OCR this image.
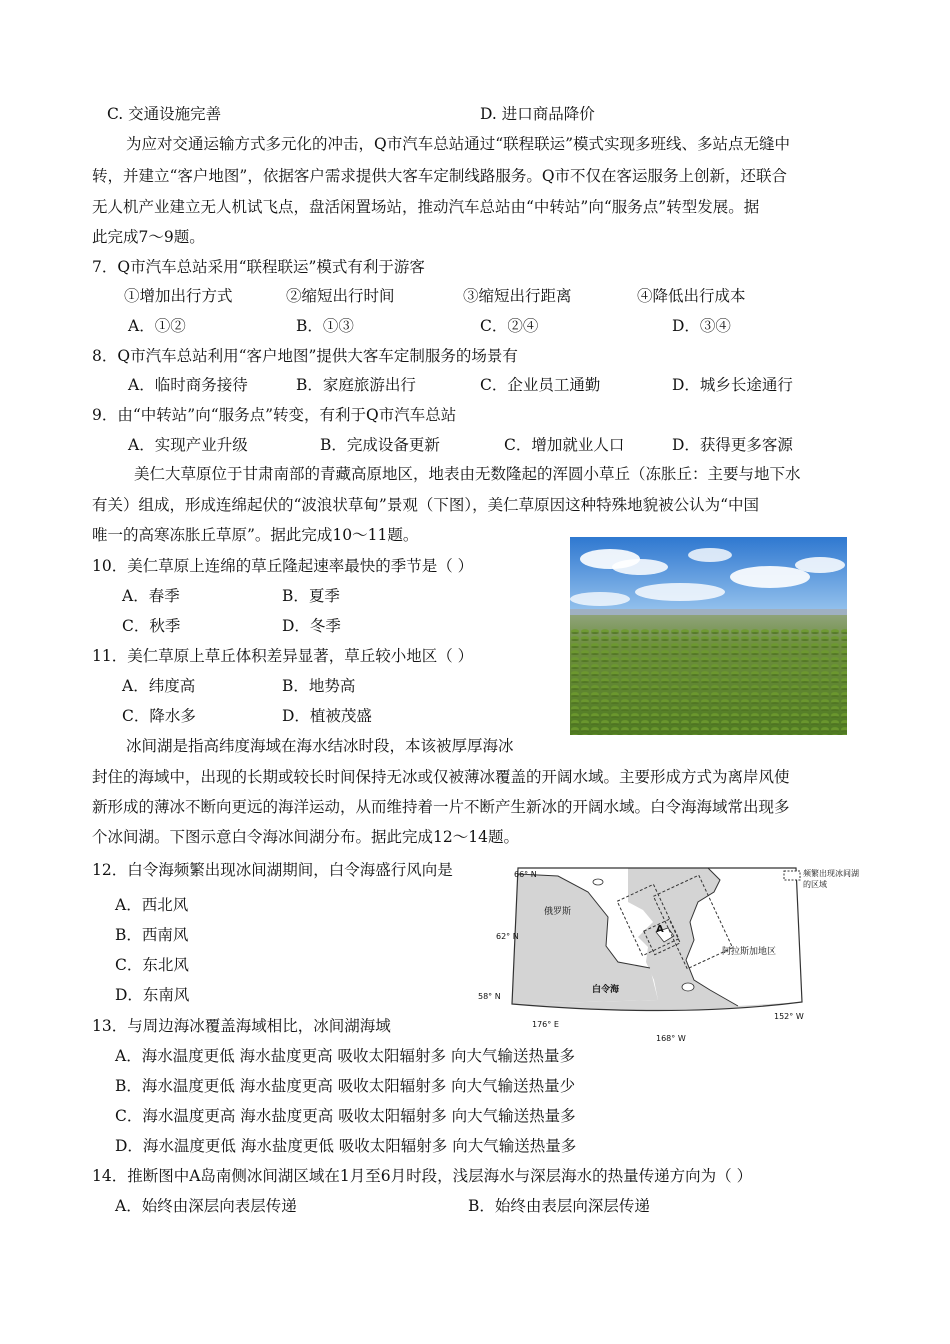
C. 交通设施完善	D. 进口商品降价
为应对交通运输方式多元化的冲击，Q市汽车总站通过“联程联运”模式实现多班线、多站点无缝中
转，并建立“客户地图”，依据客户需求提供大客车定制线路服务。Q市不仅在客运服务上创新，还联合
无人机产业建立无人机试飞点，盘活闲置场站，推动汽车总站由“中转站”向“服务点”转型发展。据
此完成7～9题。
7．Q市汽车总站采用“联程联运”模式有利于游客
①增加出行方式	②缩短出行时间	③缩短出行距离	④降低出行成本
A．①②	B．①③	C．②④	D．③④
8．Q市汽车总站利用“客户地图”提供大客车定制服务的场景有
A．临时商务接待	B．家庭旅游出行	C．企业员工通勤	D．城乡长途通行
9．由“中转站”向“服务点”转变，有利于Q市汽车总站
A．实现产业升级	B．完成设备更新	C．增加就业人口	D．获得更多客源
美仁大草原位于甘肃南部的青藏高原地区，地表由无数隆起的浑圆小草丘（冻胀丘：主要与地下水
有关）组成，形成连绵起伏的“波浪状草甸”景观（下图），美仁草原因这种特殊地貌被公认为“中国
唯一的高寒冻胀丘草原”。据此完成10～11题。
10．美仁草原上连绵的草丘隆起速率最快的季节是（ ）
A．春季	B．夏季
C．秋季	D．冬季
11．美仁草原上草丘体积差异显著，草丘较小地区（ ）
A．纬度高	B．地势高
C．降水多	D．植被茂盛
冰间湖是指高纬度海域在海水结冰时段，本该被厚厚海冰
封住的海域中，出现的长期或较长时间保持无冰或仅被薄冰覆盖的开阔水域。主要形成方式为离岸风使
新形成的薄冰不断向更远的海洋运动，从而维持着一片不断产生新冰的开阔水域。白令海海域常出现多
个冰间湖。下图示意白令海冰间湖分布。据此完成12～14题。
12．白令海频繁出现冰间湖期间，白令海盛行风向是
A．西北风
B．西南风
C．东北风
D．东南风
频繁出现冰间湖
的区域
66° N
62° N
58° N
176° E
168° W
152° W
俄罗斯
阿拉斯加地区
白令海
A
13．与周边海冰覆盖海域相比，冰间湖海域
A．海水温度更低 海水盐度更高 吸收太阳辐射多 向大气输送热量多
B．海水温度更低 海水盐度更高 吸收太阳辐射多 向大气输送热量少
C．海水温度更高 海水盐度更高 吸收太阳辐射多 向大气输送热量多
D．海水温度更低 海水盐度更低 吸收太阳辐射多 向大气输送热量多
14．推断图中A岛南侧冰间湖区域在1月至6月时段，浅层海水与深层海水的热量传递方向为（ ）
A．始终由深层向表层传递	B．始终由表层向深层传递
